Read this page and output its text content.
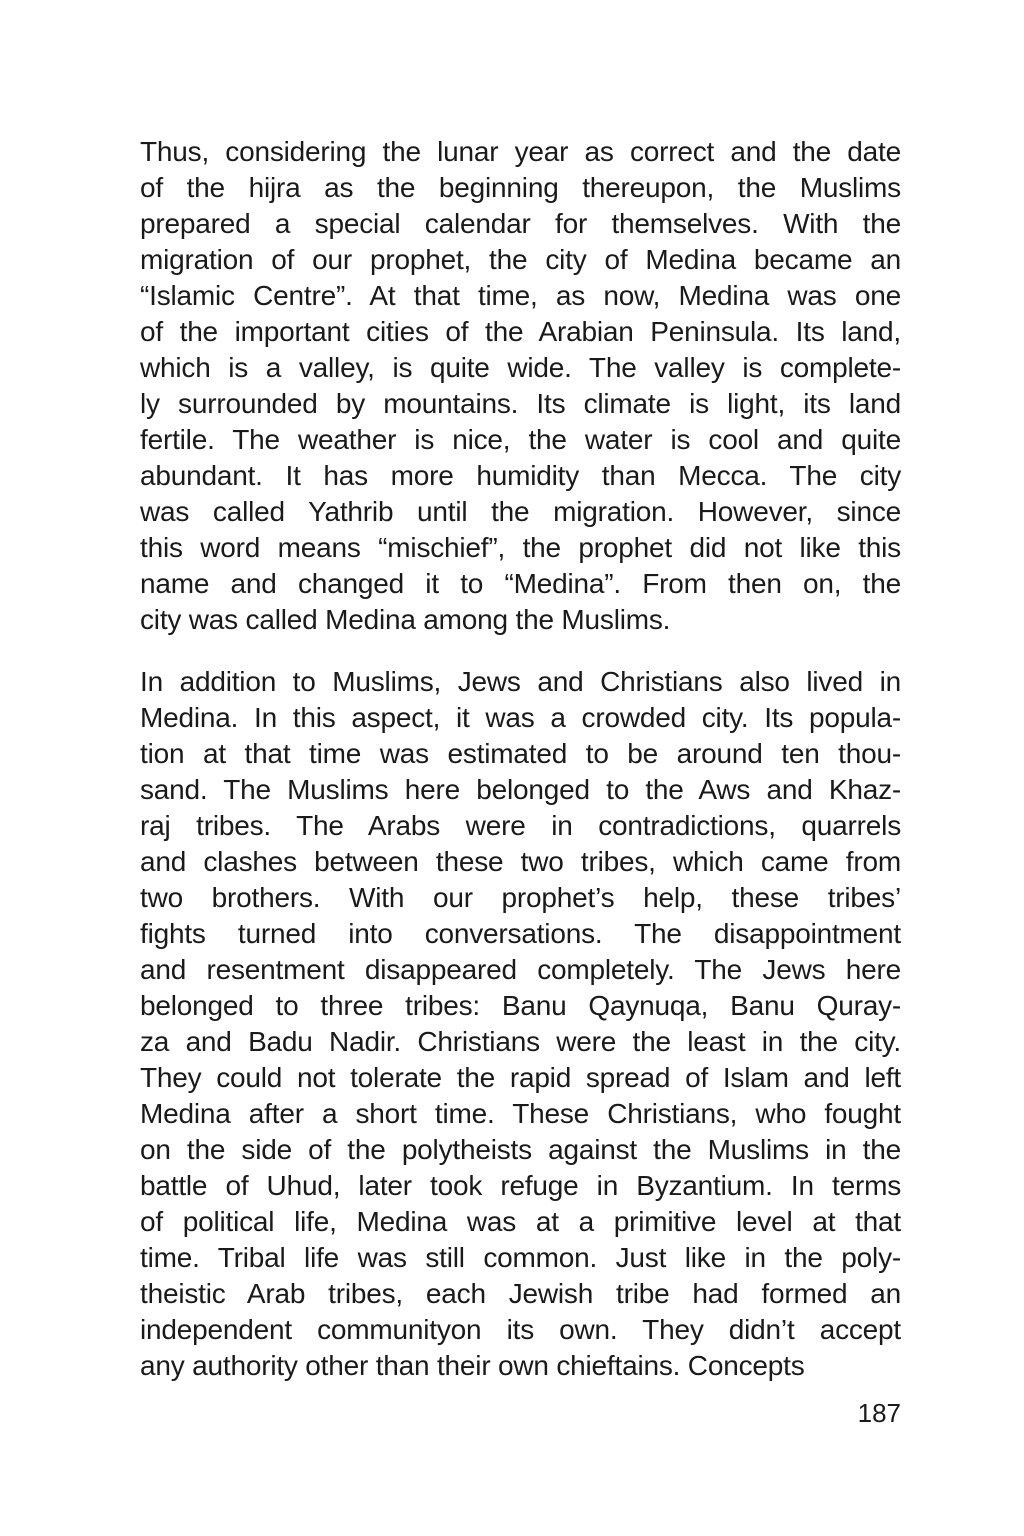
Thus, considering the lunar year as correct and the date
of the hijra as the beginning thereupon, the Muslims
prepared a special calendar for themselves. With the
migration of our prophet, the city of Medina became an
“Islamic Centre”. At that time, as now, Medina was one
of the important cities of the Arabian Peninsula. Its land,
which is a valley, is quite wide. The valley is complete-
ly surrounded by mountains. Its climate is light, its land
fertile. The weather is nice, the water is cool and quite
abundant. It has more humidity than Mecca. The city
was called Yathrib until the migration. However, since
this word means “mischief”, the prophet did not like this
name and changed it to “Medina”. From then on, the
city was called Medina among the Muslims.
In addition to Muslims, Jews and Christians also lived in
Medina. In this aspect, it was a crowded city. Its popula-
tion at that time was estimated to be around ten thou-
sand. The Muslims here belonged to the Aws and Khaz-
raj tribes. The Arabs were in contradictions, quarrels
and clashes between these two tribes, which came from
two brothers. With our prophet’s help, these tribes’
fights turned into conversations. The disappointment
and resentment disappeared completely. The Jews here
belonged to three tribes: Banu Qaynuqa, Banu Quray-
za and Badu Nadir. Christians were the least in the city.
They could not tolerate the rapid spread of Islam and left
Medina after a short time. These Christians, who fought
on the side of the polytheists against the Muslims in the
battle of Uhud, later took refuge in Byzantium. In terms
of political life, Medina was at a primitive level at that
time. Tribal life was still common. Just like in the poly-
theistic Arab tribes, each Jewish tribe had formed an
independent communityon its own. They didn’t accept
any authority other than their own chieftains. Concepts
187
